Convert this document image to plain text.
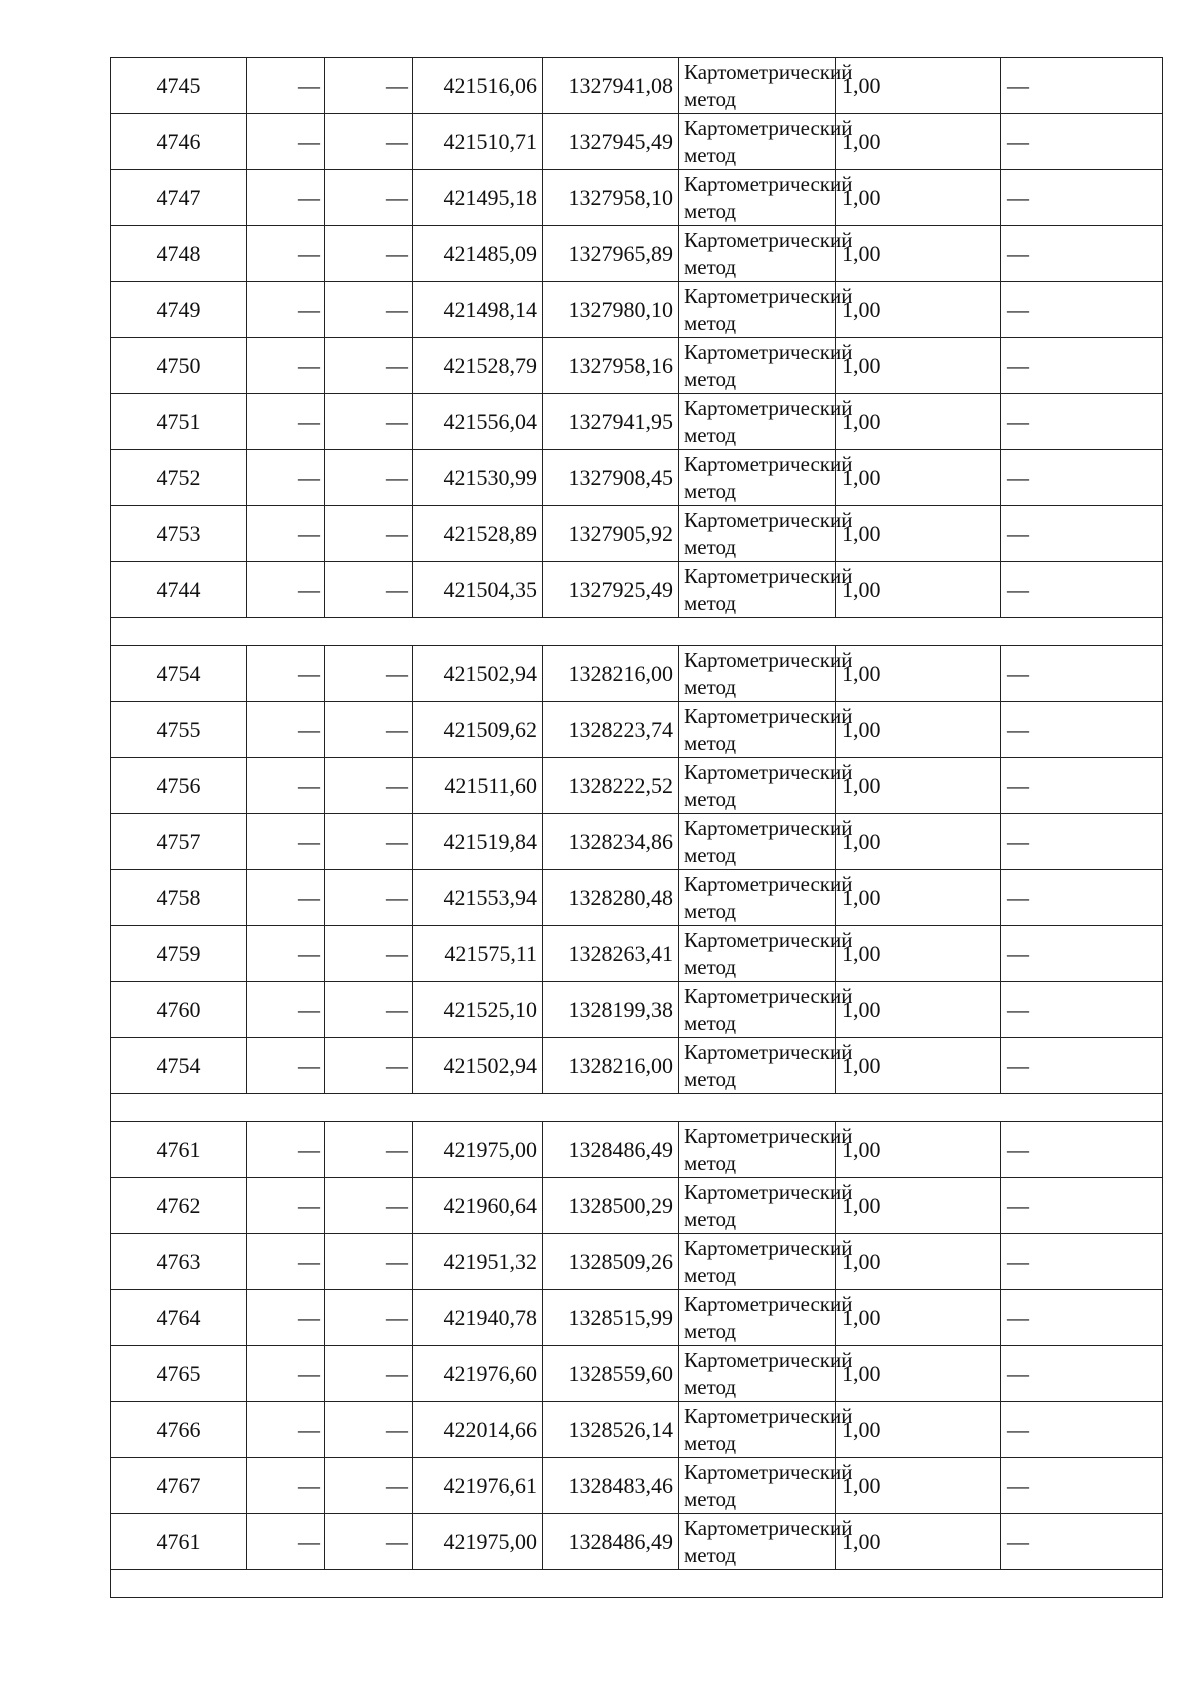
4745	—	—	421516,06	1327941,08	Картометрический метод	1,00	—
4746	—	—	421510,71	1327945,49	Картометрический метод	1,00	—
4747	—	—	421495,18	1327958,10	Картометрический метод	1,00	—
4748	—	—	421485,09	1327965,89	Картометрический метод	1,00	—
4749	—	—	421498,14	1327980,10	Картометрический метод	1,00	—
4750	—	—	421528,79	1327958,16	Картометрический метод	1,00	—
4751	—	—	421556,04	1327941,95	Картометрический метод	1,00	—
4752	—	—	421530,99	1327908,45	Картометрический метод	1,00	—
4753	—	—	421528,89	1327905,92	Картометрический метод	1,00	—
4744	—	—	421504,35	1327925,49	Картометрический метод	1,00	—

4754	—	—	421502,94	1328216,00	Картометрический метод	1,00	—
4755	—	—	421509,62	1328223,74	Картометрический метод	1,00	—
4756	—	—	421511,60	1328222,52	Картометрический метод	1,00	—
4757	—	—	421519,84	1328234,86	Картометрический метод	1,00	—
4758	—	—	421553,94	1328280,48	Картометрический метод	1,00	—
4759	—	—	421575,11	1328263,41	Картометрический метод	1,00	—
4760	—	—	421525,10	1328199,38	Картометрический метод	1,00	—
4754	—	—	421502,94	1328216,00	Картометрический метод	1,00	—

4761	—	—	421975,00	1328486,49	Картометрический метод	1,00	—
4762	—	—	421960,64	1328500,29	Картометрический метод	1,00	—
4763	—	—	421951,32	1328509,26	Картометрический метод	1,00	—
4764	—	—	421940,78	1328515,99	Картометрический метод	1,00	—
4765	—	—	421976,60	1328559,60	Картометрический метод	1,00	—
4766	—	—	422014,66	1328526,14	Картометрический метод	1,00	—
4767	—	—	421976,61	1328483,46	Картометрический метод	1,00	—
4761	—	—	421975,00	1328486,49	Картометрический метод	1,00	—
